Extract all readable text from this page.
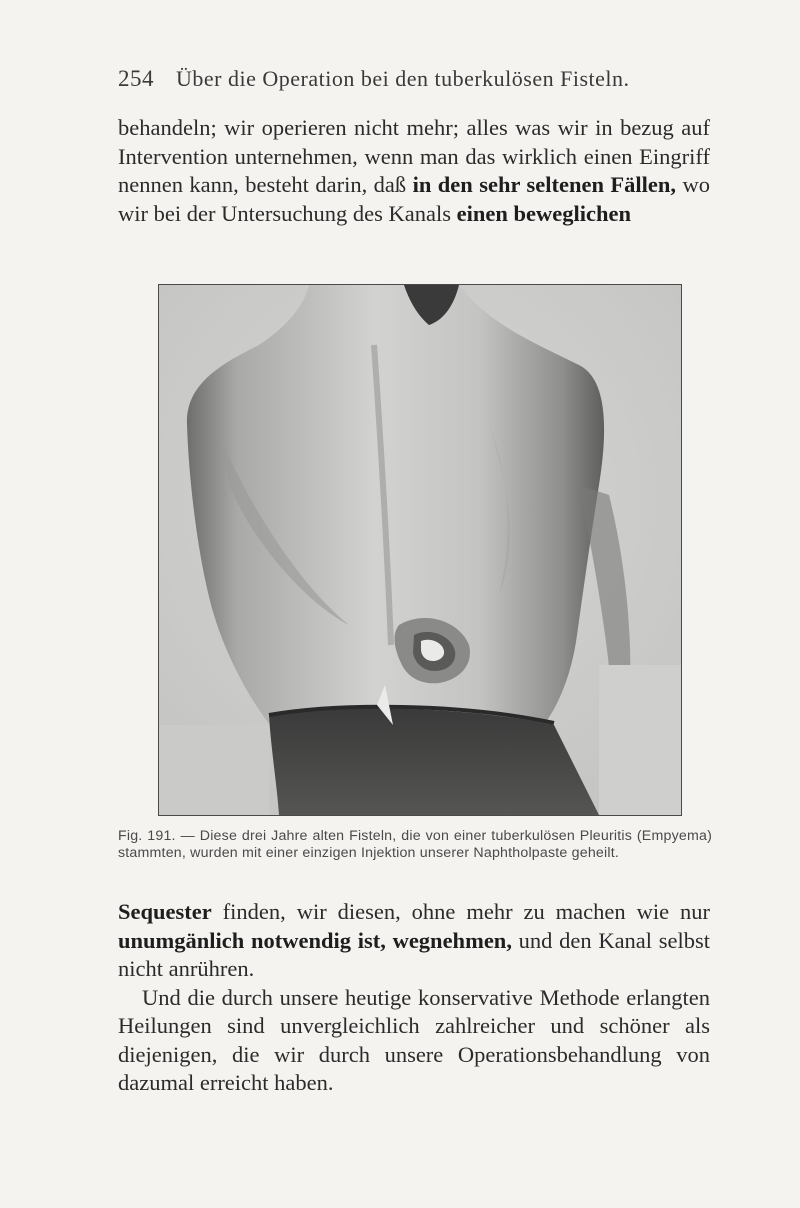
254 Über die Operation bei den tuberkulösen Fisteln.
behandeln; wir operieren nicht mehr; alles was wir in bezug auf Intervention unternehmen, wenn man das wirklich einen Eingriff nennen kann, besteht darin, daß in den sehr seltenen Fällen, wo wir bei der Untersuchung des Kanals einen beweglichen
Fig. 191. — Diese drei Jahre alten Fisteln, die von einer tuberkulösen Pleuritis (Empyema) stammten, wurden mit einer einzigen Injektion unserer Naphtholpaste geheilt.
Sequester finden, wir diesen, ohne mehr zu machen wie nur unumgänlich notwendig ist, wegnehmen, und den Kanal selbst nicht anrühren.
Und die durch unsere heutige konservative Methode erlangten Heilungen sind unvergleichlich zahlreicher und schöner als diejenigen, die wir durch unsere Operationsbehandlung von dazumal erreicht haben.
